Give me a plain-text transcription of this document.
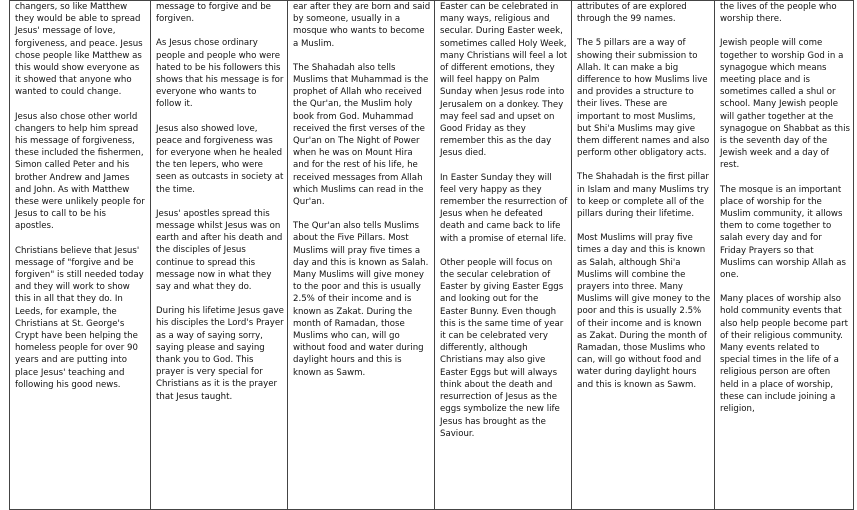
changers, so like Matthew they would be able to spread Jesus' message of love, forgiveness, and peace. Jesus chose people like Matthew as this would show everyone as it showed that anyone who wanted to could change.

Jesus also chose other world changers to help him spread his message of forgiveness, these included the fishermen, Simon called Peter and his brother Andrew and James and John. As with Matthew these were unlikely people for Jesus to call to be his apostles.

Christians believe that Jesus' message of "forgive and be forgiven" is still needed today and they will work to show this in all that they do. In Leeds, for example, the Christians at St. George's Crypt have been helping the homeless people for over 90 years and are putting into place Jesus' teaching and following his good news.

message to forgive and be forgiven.

As Jesus chose ordinary people and people who were hated to be his followers this shows that his message is for everyone who wants to follow it.

Jesus also showed love, peace and forgiveness was for everyone when he healed the ten lepers, who were seen as outcasts in society at the time.

Jesus' apostles spread this message whilst Jesus was on earth and after his death and the disciples of Jesus continue to spread this message now in what they say and what they do.

During his lifetime Jesus gave his disciples the Lord's Prayer as a way of saying sorry, saying please and saying thank you to God. This prayer is very special for Christians as it is the prayer that Jesus taught.

ear after they are born and said by someone, usually in a mosque who wants to become a Muslim.

The Shahadah also tells Muslims that Muhammad is the prophet of Allah who received the Qur'an, the Muslim holy book from God. Muhammad received the first verses of the Qur'an on The Night of Power when he was on Mount Hira and for the rest of his life, he received messages from Allah which Muslims can read in the Qur'an.

The Qur'an also tells Muslims about the Five Pillars. Most Muslims will pray five times a day and this is known as Salah. Many Muslims will give money to the poor and this is usually 2.5% of their income and is known as Zakat. During the month of Ramadan, those Muslims who can, will go without food and water during daylight hours and this is known as Sawm.

Easter can be celebrated in many ways, religious and secular. During Easter week, sometimes called Holy Week, many Christians will feel a lot of different emotions, they will feel happy on Palm Sunday when Jesus rode into Jerusalem on a donkey. They may feel sad and upset on Good Friday as they remember this as the day Jesus died.

In Easter Sunday they will feel very happy as they remember the resurrection of Jesus when he defeated death and came back to life with a promise of eternal life.

Other people will focus on the secular celebration of Easter by giving Easter Eggs and looking out for the Easter Bunny. Even though this is the same time of year it can be celebrated very differently, although Christians may also give Easter Eggs but will always think about the death and resurrection of Jesus as the eggs symbolize the new life Jesus has brought as the Saviour.

attributes of are explored through the 99 names.

The 5 pillars are a way of showing their submission to Allah. It can make a big difference to how Muslims live and provides a structure to their lives. These are important to most Muslims, but Shi'a Muslims may give them different names and also perform other obligatory acts.

The Shahadah is the first pillar in Islam and many Muslims try to keep or complete all of the pillars during their lifetime.

Most Muslims will pray five times a day and this is known as Salah, although Shi'a Muslims will combine the prayers into three. Many Muslims will give money to the poor and this is usually 2.5% of their income and is known as Zakat. During the month of Ramadan, those Muslims who can, will go without food and water during daylight hours and this is known as Sawm.

the lives of the people who worship there.

Jewish people will come together to worship God in a synagogue which means meeting place and is sometimes called a shul or school. Many Jewish people will gather together at the synagogue on Shabbat as this is the seventh day of the Jewish week and a day of rest.

The mosque is an important place of worship for the Muslim community, it allows them to come together to salah every day and for Friday Prayers so that Muslims can worship Allah as one.

Many places of worship also hold community events that also help people become part of their religious community. Many events related to special times in the life of a religious person are often held in a place of worship, these can include joining a religion,
